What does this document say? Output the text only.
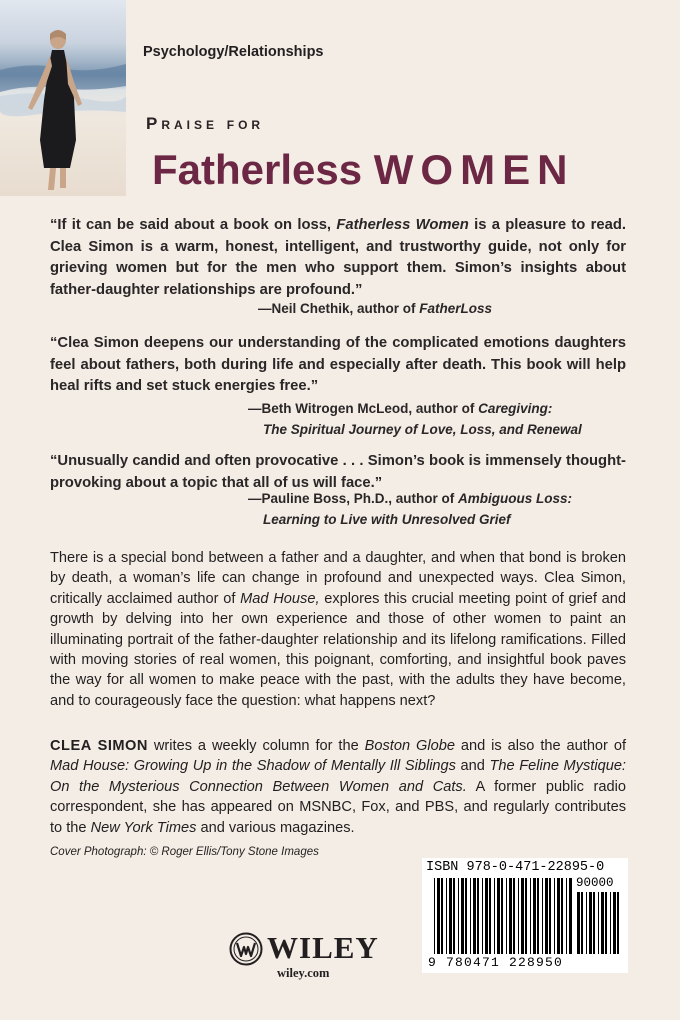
Psychology/Relationships
Praise for
Fatherless WOMEN
“If it can be said about a book on loss, Fatherless Women is a pleasure to read. Clea Simon is a warm, honest, intelligent, and trustworthy guide, not only for grieving women but for the men who support them. Simon’s insights about father-daughter relationships are profound.”
—Neil Chethik, author of FatherLoss
“Clea Simon deepens our understanding of the complicated emotions daughters feel about fathers, both during life and especially after death. This book will help heal rifts and set stuck energies free.”
—Beth Witrogen McLeod, author of Caregiving:
The Spiritual Journey of Love, Loss, and Renewal
“Unusually candid and often provocative . . . Simon’s book is immensely thought-provoking about a topic that all of us will face.”
—Pauline Boss, Ph.D., author of Ambiguous Loss:
Learning to Live with Unresolved Grief
There is a special bond between a father and a daughter, and when that bond is broken by death, a woman’s life can change in profound and unexpected ways. Clea Simon, critically acclaimed author of Mad House, explores this crucial meeting point of grief and growth by delving into her own experience and those of other women to paint an illuminating portrait of the father-daughter relationship and its lifelong ramifications. Filled with moving stories of real women, this poignant, comforting, and insightful book paves the way for all women to make peace with the past, with the adults they have become, and to courageously face the question: what happens next?
CLEA SIMON writes a weekly column for the Boston Globe and is also the author of Mad House: Growing Up in the Shadow of Mentally Ill Siblings and The Feline Mystique: On the Mysterious Connection Between Women and Cats. A former public radio correspondent, she has appeared on MSNBC, Fox, and PBS, and regularly contributes to the New York Times and various magazines.
Cover Photograph: © Roger Ellis/Tony Stone Images
WILEY
wiley.com
ISBN 978-0-471-22895-0
90000
9 780471 228950
